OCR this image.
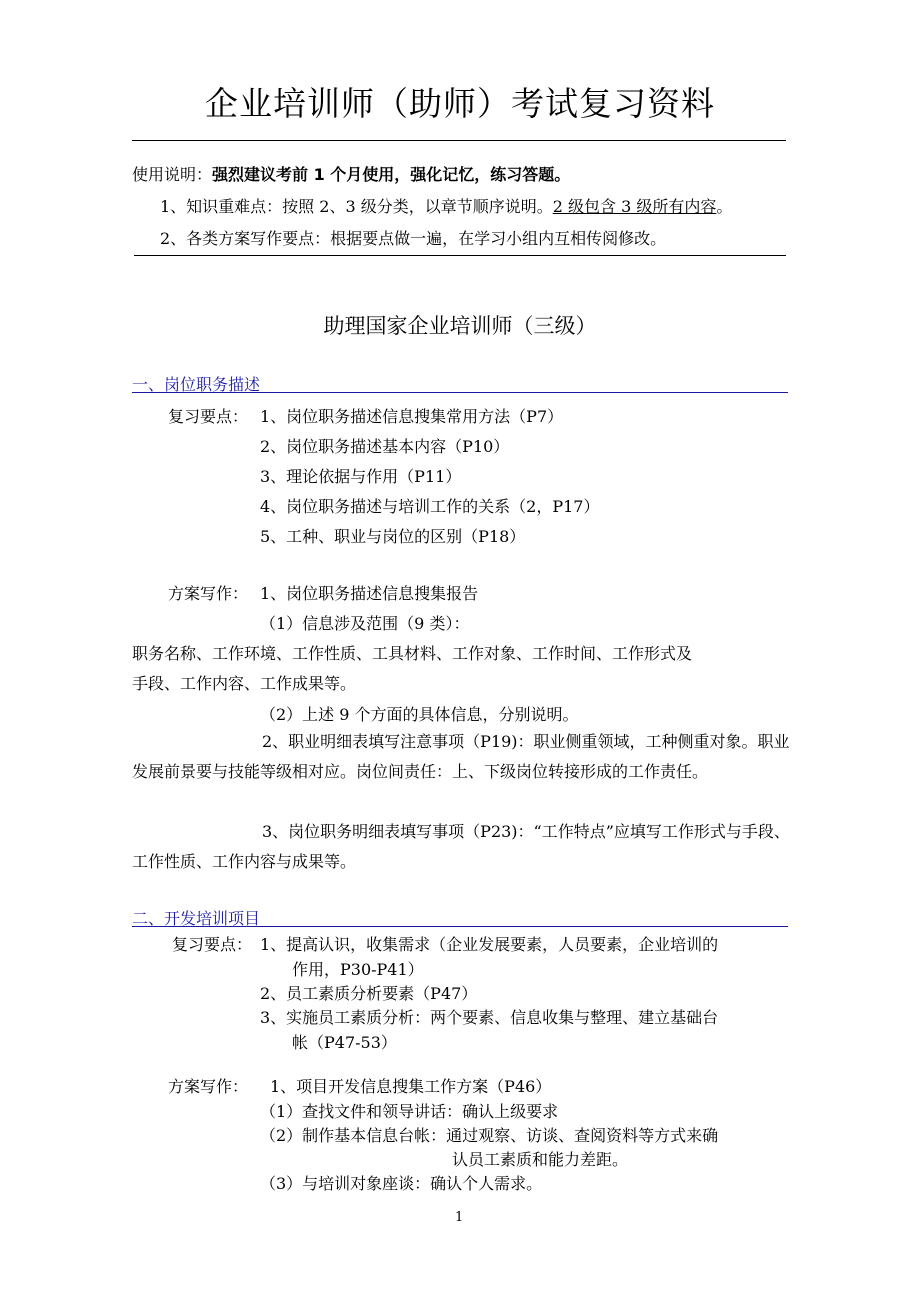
企业培训师（助师）考试复习资料
使用说明：强烈建议考前 1 个月使用，强化记忆，练习答题。
1、知识重难点：按照 2、3 级分类，以章节顺序说明。2 级包含 3 级所有内容。
2、各类方案写作要点：根据要点做一遍，在学习小组内互相传阅修改。
助理国家企业培训师（三级）
一、岗位职务描述
复习要点： 1、岗位职务描述信息搜集常用方法（P7）
2、岗位职务描述基本内容（P10）
3、理论依据与作用（P11）
4、岗位职务描述与培训工作的关系（2，P17）
5、工种、职业与岗位的区别（P18）
方案写作： 1、岗位职务描述信息搜集报告
（1）信息涉及范围（9 类）：
职务名称、工作环境、工作性质、工具材料、工作对象、工作时间、工作形式及
手段、工作内容、工作成果等。
（2）上述 9 个方面的具体信息，分别说明。
2、职业明细表填写注意事项（P19)：职业侧重领域，工种侧重对象。职业发展前景要与技能等级相对应。岗位间责任：上、下级岗位转接形成的工作责任。
3、岗位职务明细表填写事项（P23)：“工作特点”应填写工作形式与手段、工作性质、工作内容与成果等。
二、开发培训项目
复习要点： 1、提高认识，收集需求（企业发展要素，人员要素，企业培训的
作用，P30-P41）
2、员工素质分析要素（P47）
3、实施员工素质分析：两个要素、信息收集与整理、建立基础台
帐（P47-53）
方案写作： 1、项目开发信息搜集工作方案（P46）
（1）查找文件和领导讲话：确认上级要求
（2）制作基本信息台帐：通过观察、访谈、查阅资料等方式来确
认员工素质和能力差距。
（3）与培训对象座谈：确认个人需求。
1
